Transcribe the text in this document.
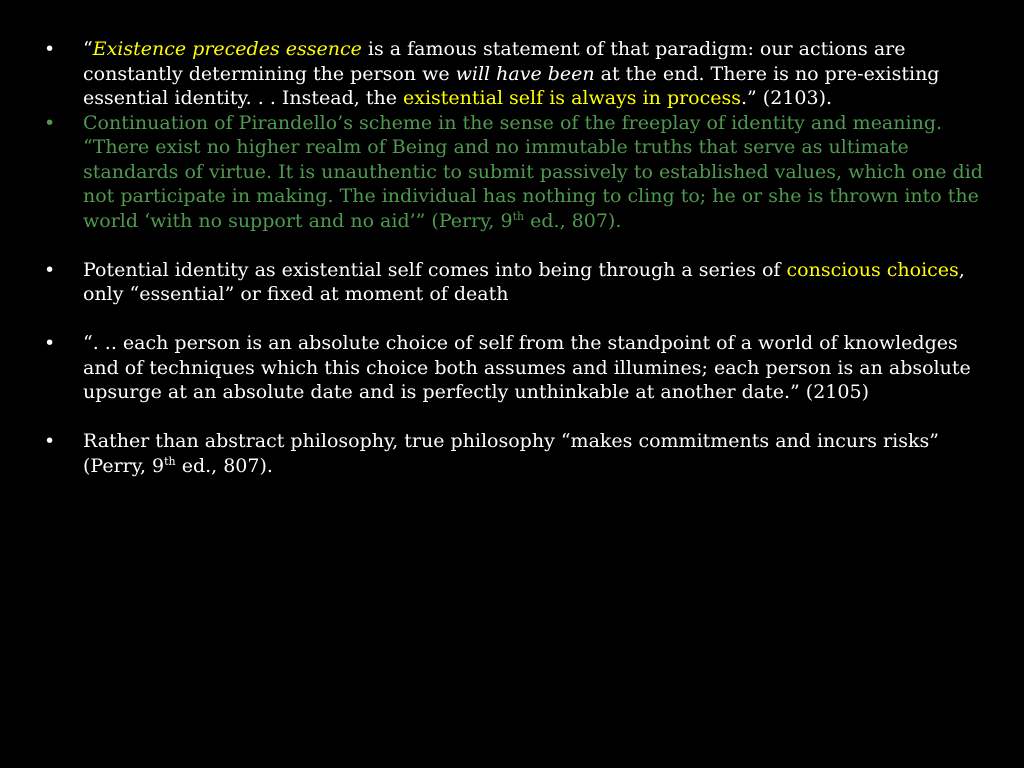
• “Existence precedes essence is a famous statement of that paradigm: our actions are constantly determining the person we will have been at the end. There is no pre-existing essential identity. . . Instead, the existential self is always in process.” (2103).
• Continuation of Pirandello’s scheme in the sense of the freeplay of identity and meaning. “There exist no higher realm of Being and no immutable truths that serve as ultimate standards of virtue. It is unauthentic to submit passively to established values, which one did not participate in making. The individual has nothing to cling to; he or she is thrown into the world ‘with no support and no aid’” (Perry, 9th ed., 807).
• Potential identity as existential self comes into being through a series of conscious choices, only “essential” or fixed at moment of death
• “. .. each person is an absolute choice of self from the standpoint of a world of knowledges and of techniques which this choice both assumes and illumines; each person is an absolute upsurge at an absolute date and is perfectly unthinkable at another date.” (2105)
• Rather than abstract philosophy, true philosophy “makes commitments and incurs risks” (Perry, 9th ed., 807).
